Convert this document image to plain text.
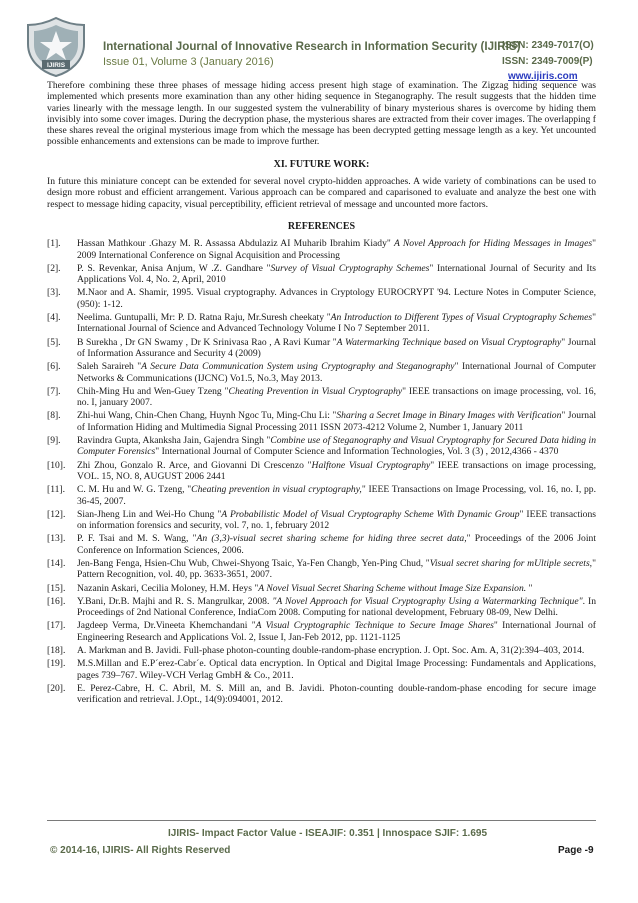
IJIRIS
International Journal of Innovative Research in Information Security (IJIRIS)
Issue 01, Volume 3 (January 2016)
ISSN: 2349-7017(O)
ISSN: 2349-7009(P)
www.ijiris.com

Therefore combining these three phases of message hiding access present high stage of examination. The Zigzag hiding sequence was implemented which presents more examination than any other hiding sequence in Steganography. The result suggests that the hidden time varies linearly with the message length. In our suggested system the vulnerability of binary mysterious shares is overcome by hiding them invisibly into some cover images. During the decryption phase, the mysterious shares are extracted from their cover images. The overlapping f these shares reveal the original mysterious image from which the message has been decrypted getting message length as a key. Yet uncounted possible enhancements and extensions can be made to improve further.

XI. FUTURE WORK:

In future this miniature concept can be extended for several novel crypto-hidden approaches. A wide variety of combinations can be used to design more robust and efficient arrangement. Various approach can be compared and caparisoned to evaluate and analyze the best one with respect to message hiding capacity, visual perceptibility, efficient retrieval of message and uncounted more factors.

REFERENCES
[1]. Hassan Mathkour .Ghazy M. R. Assassa Abdulaziz AI Muharib Ibrahim Kiady" A Novel Approach for Hiding Messages in Images" 2009 International Conference on Signal Acquisition and Processing
[2]. P. S. Revenkar, Anisa Anjum, W .Z. Gandhare "Survey of Visual Cryptography Schemes" International Journal of Security and Its Applications Vol. 4, No. 2, April, 2010
[3]. M.Naor and A. Shamir, 1995. Visual cryptography. Advances in Cryptology EUROCRYPT '94. Lecture Notes in Computer Science, (950): 1-12.
[4]. Neelima. Guntupalli, Mr: P. D. Ratna Raju, Mr.Suresh cheekaty "An Introduction to Different Types of Visual Cryptography Schemes" International Journal of Science and Advanced Technology Volume I No 7 September 2011.
[5]. B Surekha , Dr GN Swamy , Dr K Srinivasa Rao , A Ravi Kumar "A Watermarking Technique based on Visual Cryptography" Journal of Information Assurance and Security 4 (2009)
[6]. Saleh Saraireh "A Secure Data Communication System using Cryptography and Steganography" International Journal of Computer Networks & Communications (IJCNC) Vo1.5, No.3, May 2013.
[7]. Chih-Ming Hu and Wen-Guey Tzeng "Cheating Prevention in Visual Cryptography" IEEE transactions on image processing, vol. 16, no. I, january 2007.
[8]. Zhi-hui Wang, Chin-Chen Chang, Huynh Ngoc Tu, Ming-Chu Li: "Sharing a Secret Image in Binary Images with Verification" Journal of Information Hiding and Multimedia Signal Processing 2011 ISSN 2073-4212 Volume 2, Number 1, January 2011
[9]. Ravindra Gupta, Akanksha Jain, Gajendra Singh "Combine use of Steganography and Visual Cryptography for Secured Data hiding in Computer Forensics" International Journal of Computer Science and Information Technologies, Vol. 3 (3) , 2012,4366 - 4370
[10]. Zhi Zhou, Gonzalo R. Arce, and Giovanni Di Crescenzo "Halftone Visual Cryptography" IEEE transactions on image processing, VOL. 15, NO. 8, AUGUST 2006 2441
[11]. C. M. Hu and W. G. Tzeng, "Cheating prevention in visual cryptography," IEEE Transactions on Image Processing, vol. 16, no. I, pp. 36-45, 2007.
[12]. Sian-Jheng Lin and Wei-Ho Chung "A Probabilistic Model of Visual Cryptography Scheme With Dynamic Group" IEEE transactions on information forensics and security, vol. 7, no. 1, february 2012
[13]. P. F. Tsai and M. S. Wang, "An (3,3)-visual secret sharing scheme for hiding three secret data," Proceedings of the 2006 Joint Conference on Information Sciences, 2006.
[14]. Jen-Bang Fenga, Hsien-Chu Wub, Chwei-Shyong Tsaic, Ya-Fen Changb, Yen-Ping Chud, "Visual secret sharing for mUltiple secrets," Pattern Recognition, vol. 40, pp. 3633-3651, 2007.
[15]. Nazanin Askari, Cecilia Moloney, H.M. Heys "A Novel Visual Secret Sharing Scheme without Image Size Expansion. "
[16]. Y.Bani, Dr.B. Majhi and R. S. Mangrulkar, 2008. "A Novel Approach for Visual Cryptography Using a Watermarking Technique". In Proceedings of 2nd National Conference, IndiaCom 2008. Computing for national development, February 08-09, New Delhi.
[17]. Jagdeep Verma, Dr.Vineeta Khemchandani "A Visual Cryptographic Technique to Secure Image Shares" International Journal of Engineering Research and Applications Vol. 2, Issue I, Jan-Feb 2012, pp. 1121-1125
[18]. A. Markman and B. Javidi. Full-phase photon-counting double-random-phase encryption. J. Opt. Soc. Am. A, 31(2):394–403, 2014.
[19]. M.S.Millan and E.P´erez-Cabr´e. Optical data encryption. In Optical and Digital Image Processing: Fundamentals and Applications, pages 739–767. Wiley-VCH Verlag GmbH & Co., 2011.
[20]. E. Perez-Cabre, H. C. Abril, M. S. Mill an, and B. Javidi. Photon-counting double-random-phase encoding for secure image verification and retrieval. J.Opt., 14(9):094001, 2012.
IJIRIS- Impact Factor Value - ISEAJIF: 0.351 | Innospace SJIF: 1.695
© 2014-16, IJIRIS- All Rights Reserved	Page -9
